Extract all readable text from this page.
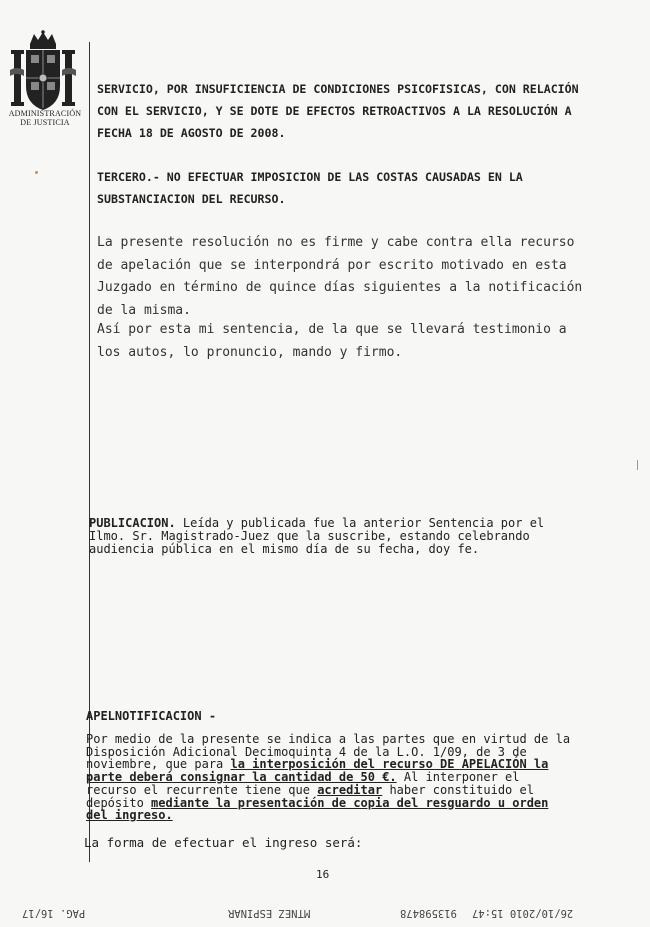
ADMINISTRACIÓN
DE JUSTICIA
SERVICIO, POR INSUFICIENCIA DE CONDICIONES PSICOFISICAS, CON RELACIÓN CON EL SERVICIO, Y SE DOTE DE EFECTOS RETROACTIVOS A LA RESOLUCIÓN A FECHA 18 DE AGOSTO DE 2008.
TERCERO.- NO EFECTUAR IMPOSICION DE LAS COSTAS CAUSADAS EN LA SUBSTANCIACION DEL RECURSO.
La presente resolución no es firme y cabe contra ella recurso de apelación que se interpondrá por escrito motivado en esta Juzgado en término de quince días siguientes a la notificación de la misma.
Así por esta mi sentencia, de la que se llevará testimonio a los autos, lo pronuncio, mando y firmo.
PUBLICACION. Leída y publicada fue la anterior Sentencia por el Ilmo. Sr. Magistrado-Juez que la suscribe, estando celebrando audiencia pública en el mismo día de su fecha, doy fe.
APELNOTIFICACION -
Por medio de la presente se indica a las partes que en virtud de la Disposición Adicional Decimoquinta 4 de la L.O. 1/09, de 3 de noviembre, que para la interposición del recurso DE APELACIÓN la parte deberá consignar la cantidad de 50 €. Al interponer el recurso el recurrente tiene que acreditar haber constituido el depósito mediante la presentación de copia del resguardo u orden del ingreso.
La forma de efectuar el ingreso será:
16
26/10/2010 15:47
913598478
MTNEZ ESPINAR
PAG. 16/17
